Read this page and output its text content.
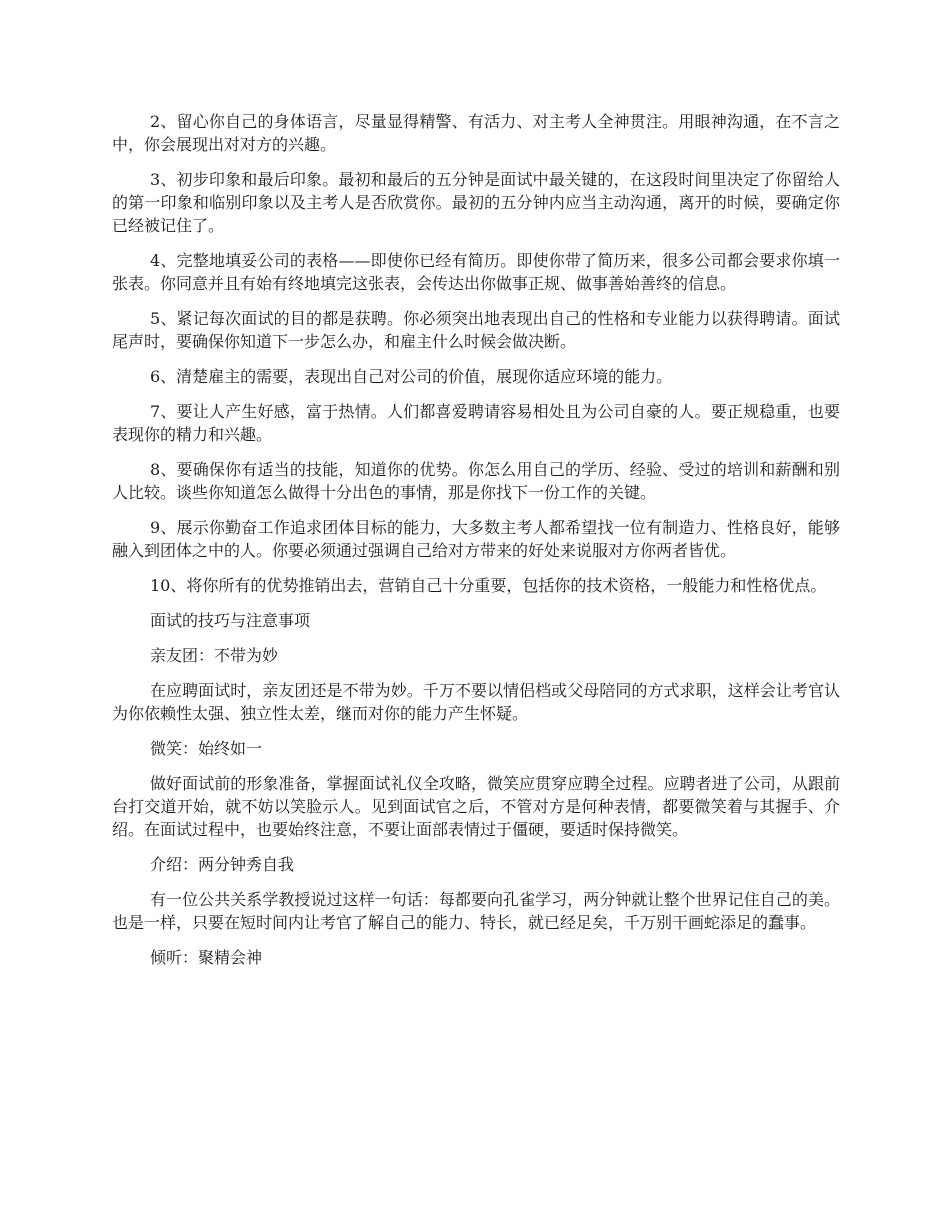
2、留心你自己的身体语言，尽量显得精警、有活力、对主考人全神贯注。用眼神沟通，在不言之中，你会展现出对对方的兴趣。

3、初步印象和最后印象。最初和最后的五分钟是面试中最关键的，在这段时间里决定了你留给人的第一印象和临别印象以及主考人是否欣赏你。最初的五分钟内应当主动沟通，离开的时候，要确定你已经被记住了。

4、完整地填妥公司的表格——即使你已经有简历。即使你带了简历来，很多公司都会要求你填一张表。你同意并且有始有终地填完这张表，会传达出你做事正规、做事善始善终的信息。

5、紧记每次面试的目的都是获聘。你必须突出地表现出自己的性格和专业能力以获得聘请。面试尾声时，要确保你知道下一步怎么办，和雇主什么时候会做决断。

6、清楚雇主的需要，表现出自己对公司的价值，展现你适应环境的能力。

7、要让人产生好感，富于热情。人们都喜爱聘请容易相处且为公司自豪的人。要正规稳重，也要表现你的精力和兴趣。

8、要确保你有适当的技能，知道你的优势。你怎么用自己的学历、经验、受过的培训和薪酬和别人比较。谈些你知道怎么做得十分出色的事情，那是你找下一份工作的关键。

9、展示你勤奋工作追求团体目标的能力，大多数主考人都希望找一位有制造力、性格良好，能够融入到团体之中的人。你要必须通过强调自己给对方带来的好处来说服对方你两者皆优。

10、将你所有的优势推销出去，营销自己十分重要，包括你的技术资格，一般能力和性格优点。

面试的技巧与注意事项

亲友团：不带为妙

在应聘面试时，亲友团还是不带为妙。千万不要以情侣档或父母陪同的方式求职，这样会让考官认为你依赖性太强、独立性太差，继而对你的能力产生怀疑。

微笑：始终如一

做好面试前的形象准备，掌握面试礼仪全攻略，微笑应贯穿应聘全过程。应聘者进了公司，从跟前台打交道开始，就不妨以笑脸示人。见到面试官之后，不管对方是何种表情，都要微笑着与其握手、介绍。在面试过程中，也要始终注意，不要让面部表情过于僵硬，要适时保持微笑。

介绍：两分钟秀自我

有一位公共关系学教授说过这样一句话：每都要向孔雀学习，两分钟就让整个世界记住自己的美。也是一样，只要在短时间内让考官了解自己的能力、特长，就已经足矣，千万别干画蛇添足的蠢事。

倾听：聚精会神
